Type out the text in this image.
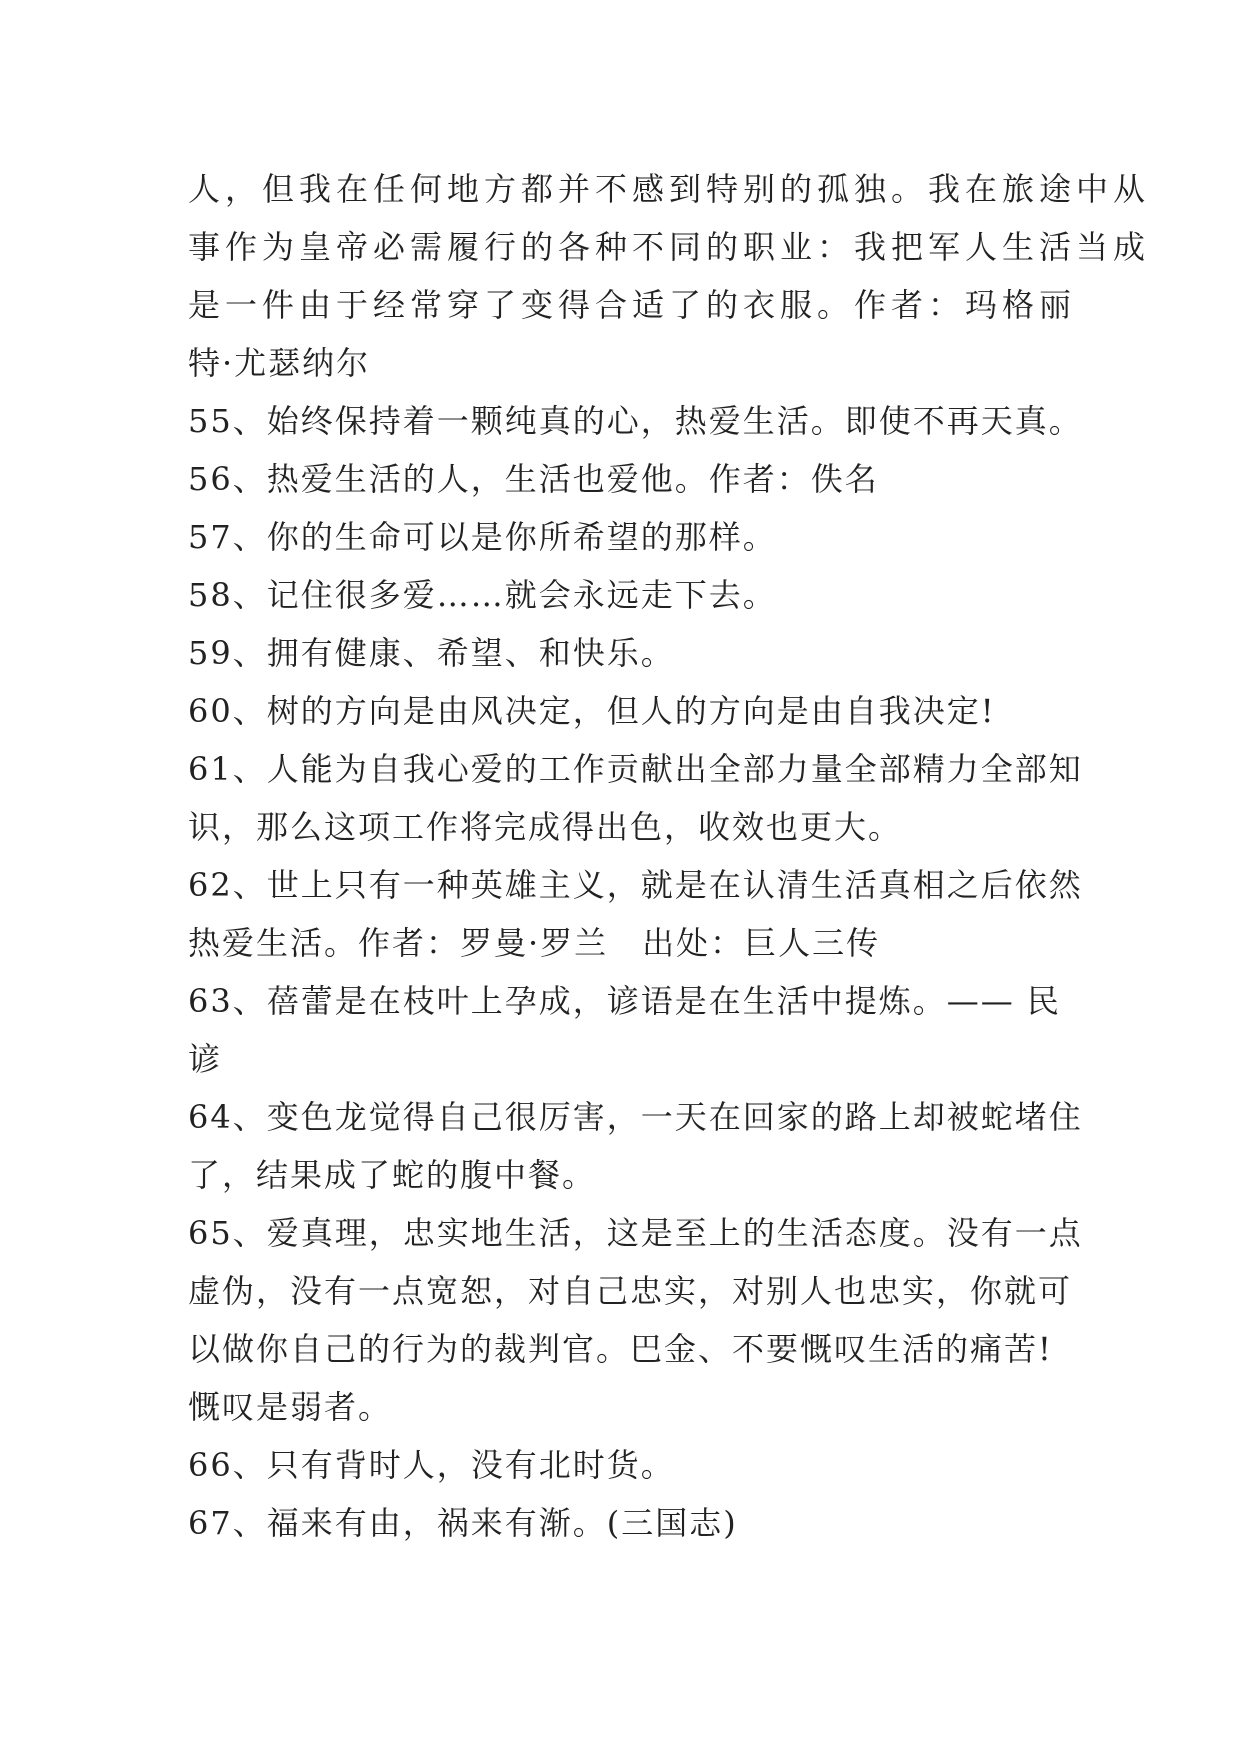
人，但我在任何地方都并不感到特别的孤独。我在旅途中从
事作为皇帝必需履行的各种不同的职业：我把军人生活当成
是一件由于经常穿了变得合适了的衣服。作者：玛格丽
特·尤瑟纳尔
55、始终保持着一颗纯真的心，热爱生活。即使不再天真。
56、热爱生活的人，生活也爱他。作者：佚名
57、你的生命可以是你所希望的那样。
58、记住很多爱……就会永远走下去。
59、拥有健康、希望、和快乐。
60、树的方向是由风决定，但人的方向是由自我决定!
61、人能为自我心爱的工作贡献出全部力量全部精力全部知
识，那么这项工作将完成得出色，收效也更大。
62、世上只有一种英雄主义，就是在认清生活真相之后依然
热爱生活。作者：罗曼·罗兰　出处：巨人三传
63、蓓蕾是在枝叶上孕成，谚语是在生活中提炼。—— 民
谚
64、变色龙觉得自己很厉害，一天在回家的路上却被蛇堵住
了，结果成了蛇的腹中餐。
65、爱真理，忠实地生活，这是至上的生活态度。没有一点
虚伪，没有一点宽恕，对自己忠实，对别人也忠实，你就可
以做你自己的行为的裁判官。巴金、不要慨叹生活的痛苦!
慨叹是弱者。
66、只有背时人，没有北时货。
67、福来有由，祸来有渐。(三国志)
